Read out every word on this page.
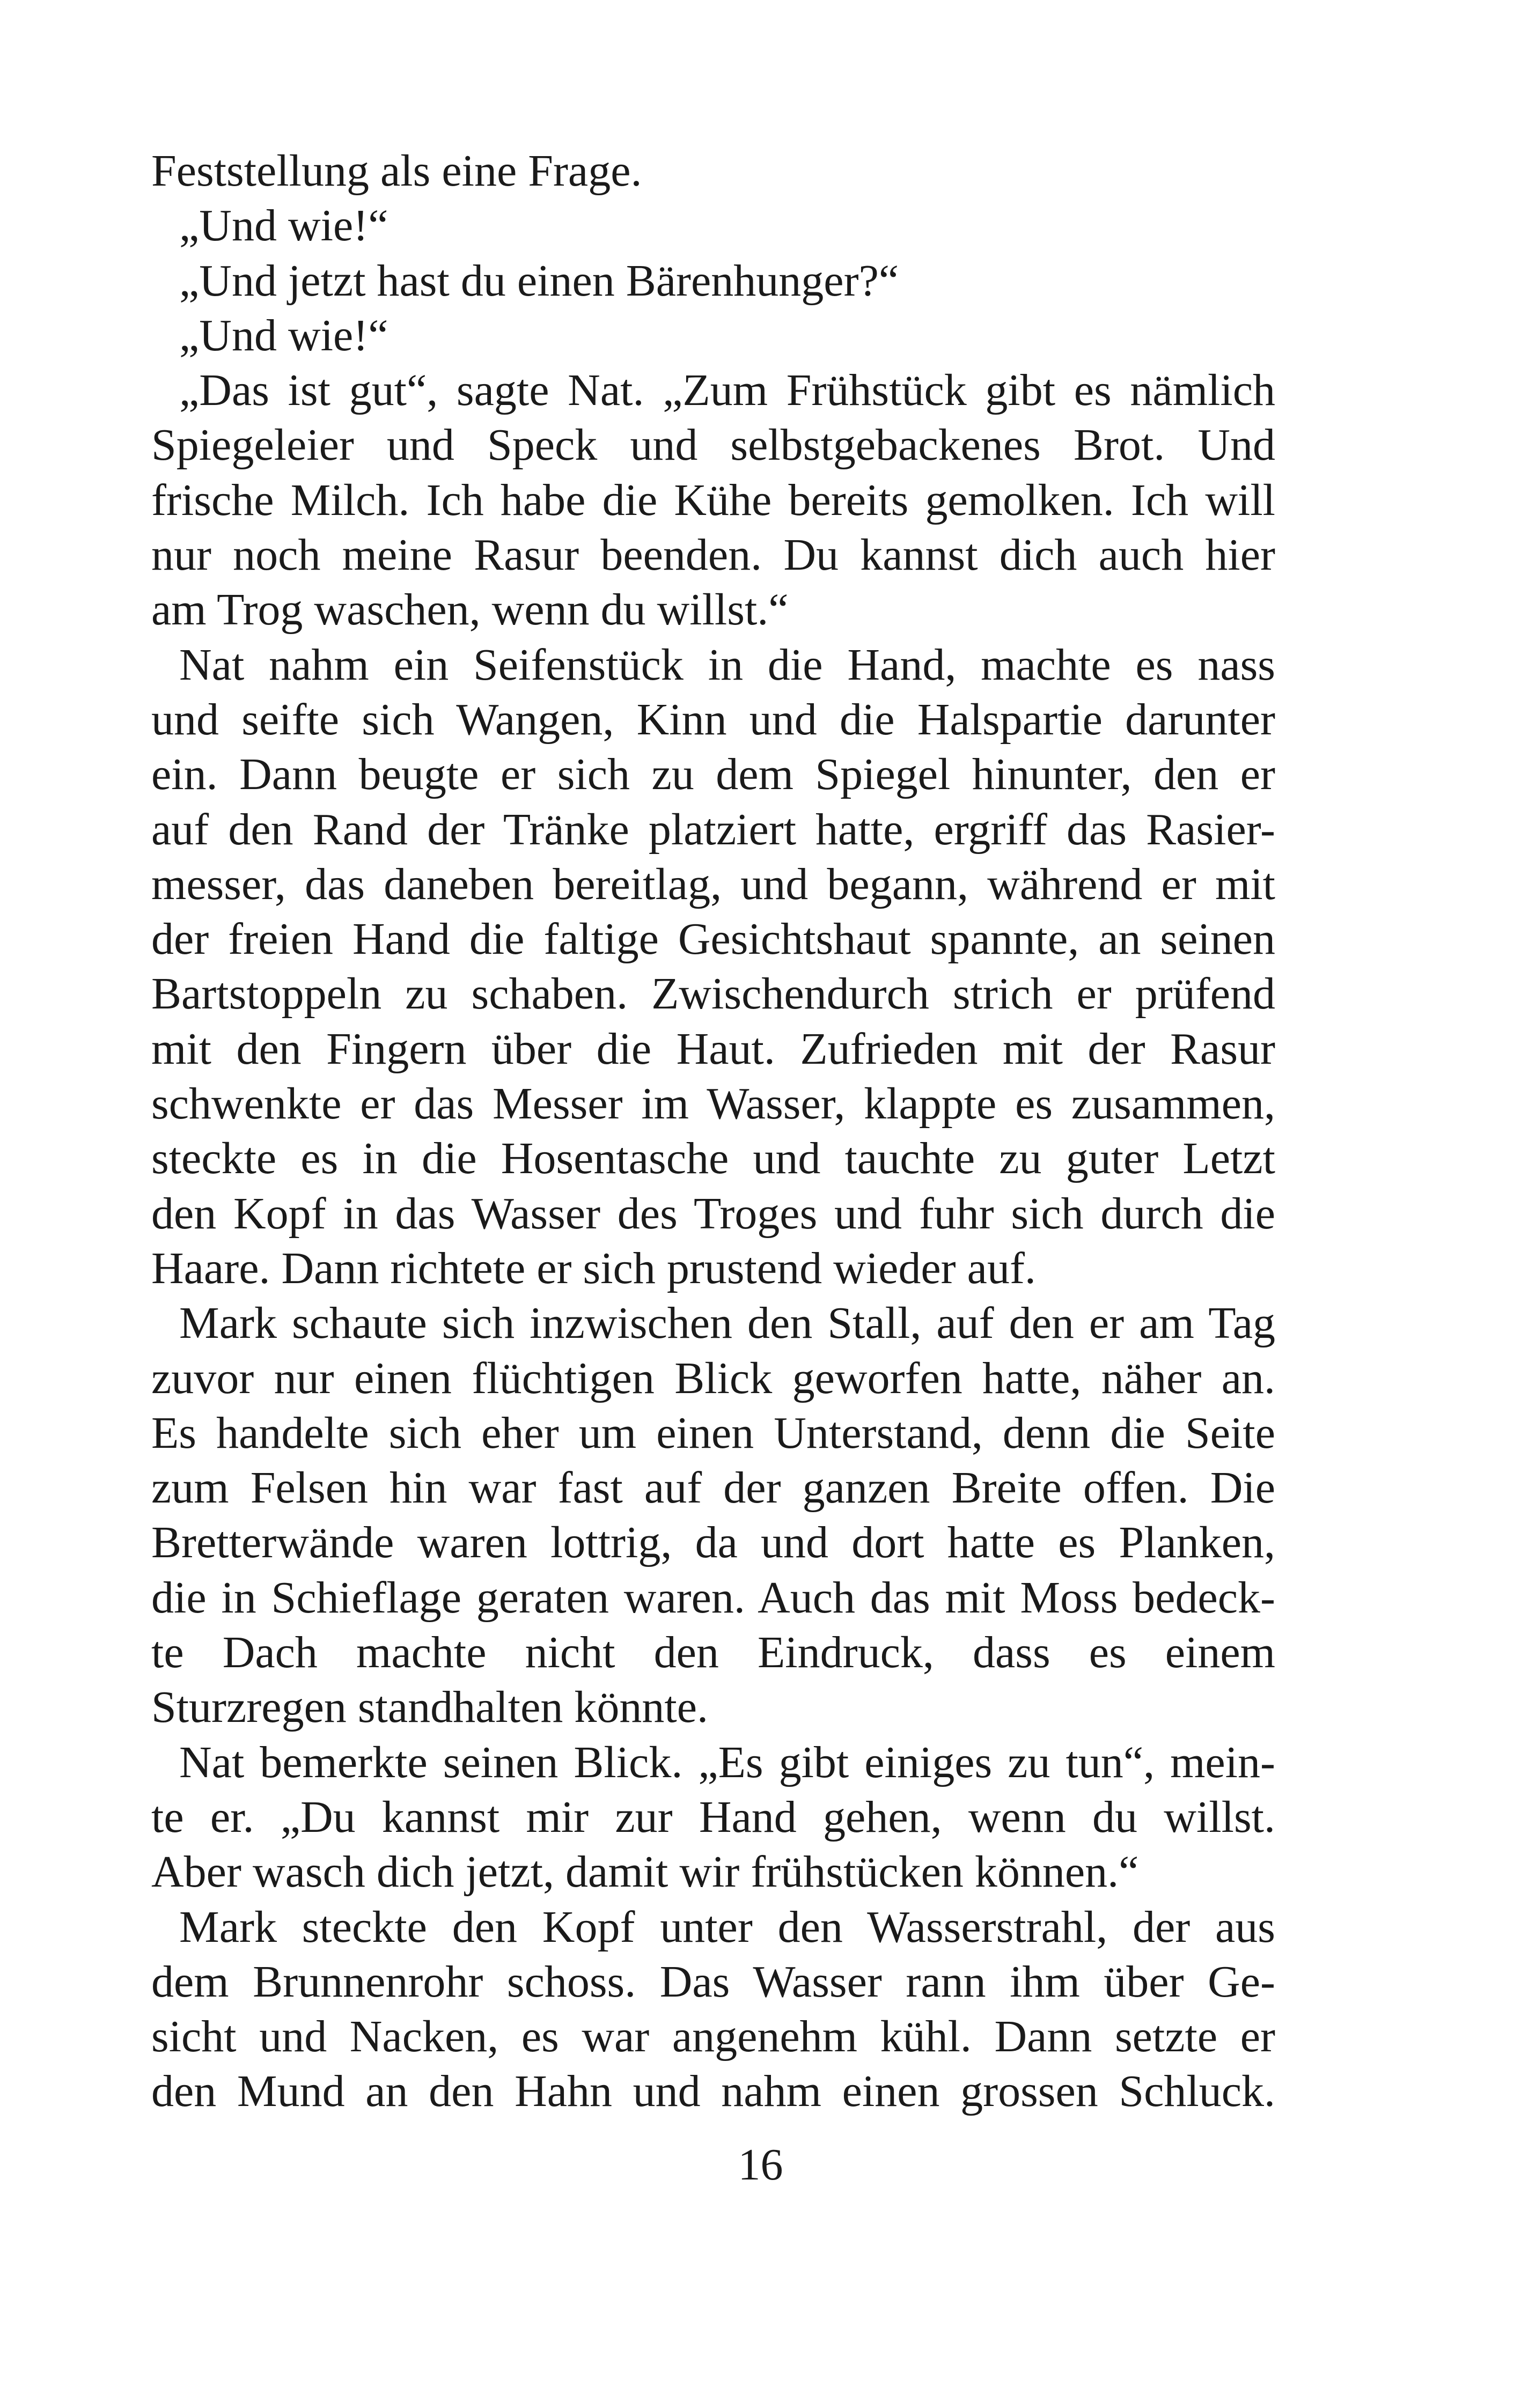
Feststellung als eine Frage.
„Und wie!“
„Und jetzt hast du einen Bärenhunger?“
„Und wie!“
„Das ist gut“, sagte Nat. „Zum Frühstück gibt es nämlich
Spiegeleier und Speck und selbstgebackenes Brot. Und
frische Milch. Ich habe die Kühe bereits gemolken. Ich will
nur noch meine Rasur beenden. Du kannst dich auch hier
am Trog waschen, wenn du willst.“
Nat nahm ein Seifenstück in die Hand, machte es nass
und seifte sich Wangen, Kinn und die Halspartie darunter
ein. Dann beugte er sich zu dem Spiegel hinunter, den er
auf den Rand der Tränke platziert hatte, ergriff das Rasier-
messer, das daneben bereitlag, und begann, während er mit
der freien Hand die faltige Gesichtshaut spannte, an seinen
Bartstoppeln zu schaben. Zwischendurch strich er prüfend
mit den Fingern über die Haut. Zufrieden mit der Rasur
schwenkte er das Messer im Wasser, klappte es zusammen,
steckte es in die Hosentasche und tauchte zu guter Letzt
den Kopf in das Wasser des Troges und fuhr sich durch die
Haare. Dann richtete er sich prustend wieder auf.
Mark schaute sich inzwischen den Stall, auf den er am Tag
zuvor nur einen flüchtigen Blick geworfen hatte, näher an.
Es handelte sich eher um einen Unterstand, denn die Seite
zum Felsen hin war fast auf der ganzen Breite offen. Die
Bretterwände waren lottrig, da und dort hatte es Planken,
die in Schieflage geraten waren. Auch das mit Moss bedeck-
te Dach machte nicht den Eindruck, dass es einem
Sturzregen standhalten könnte.
Nat bemerkte seinen Blick. „Es gibt einiges zu tun“, mein-
te er. „Du kannst mir zur Hand gehen, wenn du willst.
Aber wasch dich jetzt, damit wir frühstücken können.“
Mark steckte den Kopf unter den Wasserstrahl, der aus
dem Brunnenrohr schoss. Das Wasser rann ihm über Ge-
sicht und Nacken, es war angenehm kühl. Dann setzte er
den Mund an den Hahn und nahm einen grossen Schluck.
16
